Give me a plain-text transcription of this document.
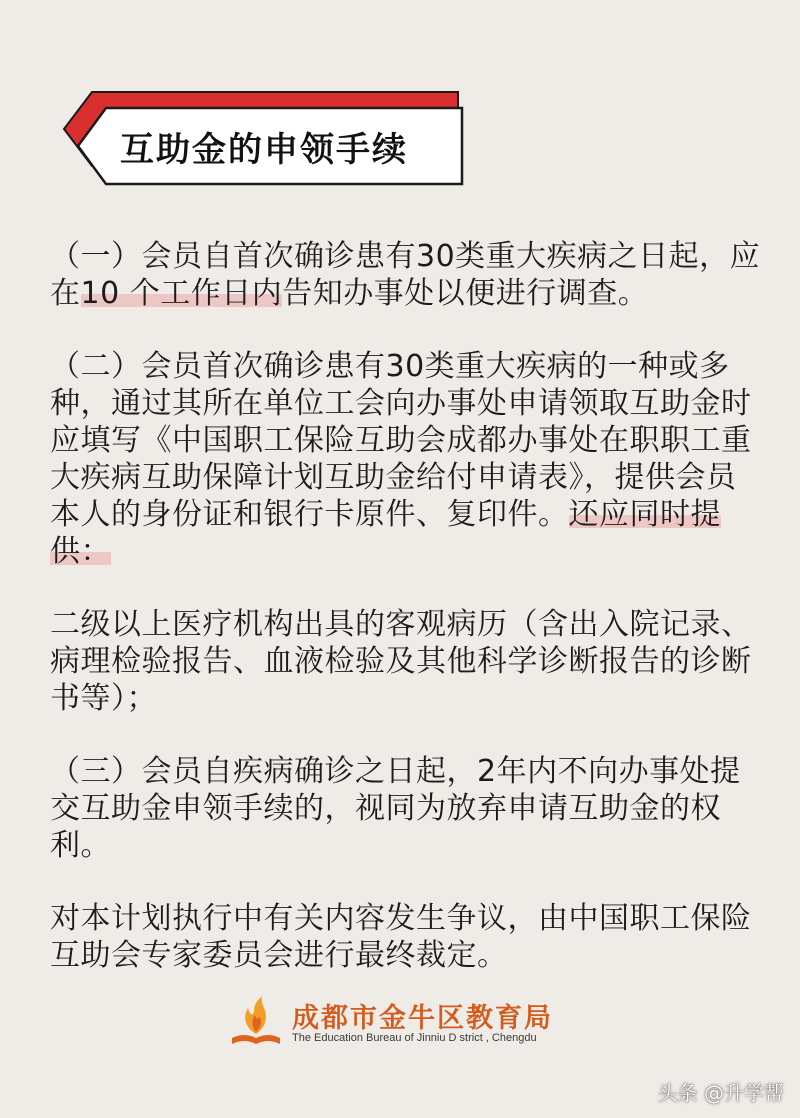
互助金的申领手续

（一）会员自首次确诊患有30类重大疾病之日起，应在10 个工作日内告知办事处以便进行调查。

（二）会员首次确诊患有30类重大疾病的一种或多种，通过其所在单位工会向办事处申请领取互助金时应填写《中国职工保险互助会成都办事处在职职工重大疾病互助保障计划互助金给付申请表》，提供会员本人的身份证和银行卡原件、复印件。还应同时提供：

二级以上医疗机构出具的客观病历（含出入院记录、病理检验报告、血液检验及其他科学诊断报告的诊断书等）；

（三）会员自疾病确诊之日起，2年内不向办事处提交互助金申领手续的，视同为放弃申请互助金的权利。

对本计划执行中有关内容发生争议，由中国职工保险互助会专家委员会进行最终裁定。

成都市金牛区教育局
The Education Bureau of Jinniu D strict , Chengdu
头条 @升学帮
